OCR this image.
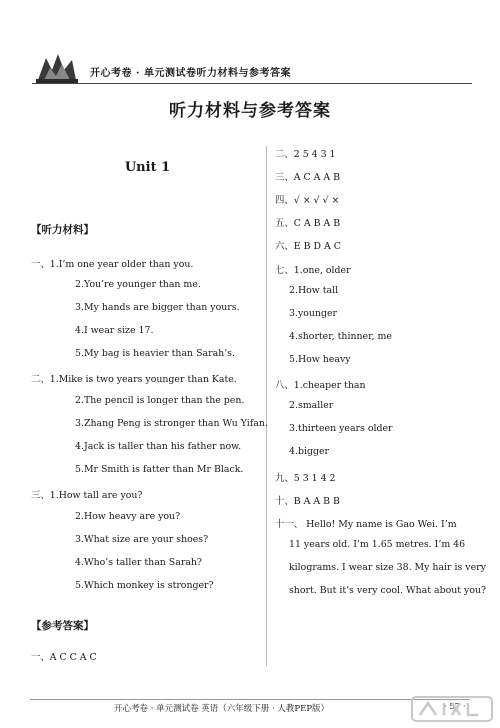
开心考卷 · 单元测试卷听力材料与参考答案
听力材料与参考答案
Unit 1
【听力材料】
一、1.I’m one year older than you.
2.You’re younger than me.
3.My hands are bigger than yours.
4.I wear size 17.
5.My bag is heavier than Sarah’s.
二、1.Mike is two years younger than Kate.
2.The pencil is longer than the pen.
3.Zhang Peng is stronger than Wu Yifan.
4.Jack is taller than his father now.
5.Mr Smith is fatter than Mr Black.
三、1.How tall are you?
2.How heavy are you?
3.What size are your shoes?
4.Who’s taller than Sarah?
5.Which monkey is stronger?
【参考答案】
一、A C C A C
二、2 5 4 3 1
三、A C A A B
四、√ × √ √ ×
五、C A B A B
六、E B D A C
七、1.one, older
2.How tall
3.younger
4.shorter, thinner, me
5.How heavy
八、1.cheaper than
2.smaller
3.thirteen years older
4.bigger
九、5 3 1 4 2
十、B A A B B
十一、 Hello! My name is Gao Wei. I’m
11 years old. I’m 1.65 metres. I’m 46
kilograms. I wear size 38. My hair is very
short. But it’s very cool. What about you?
开心考卷 · 单元测试卷 英语（六年级下册 · 人教PEP版）	· 57 ·
